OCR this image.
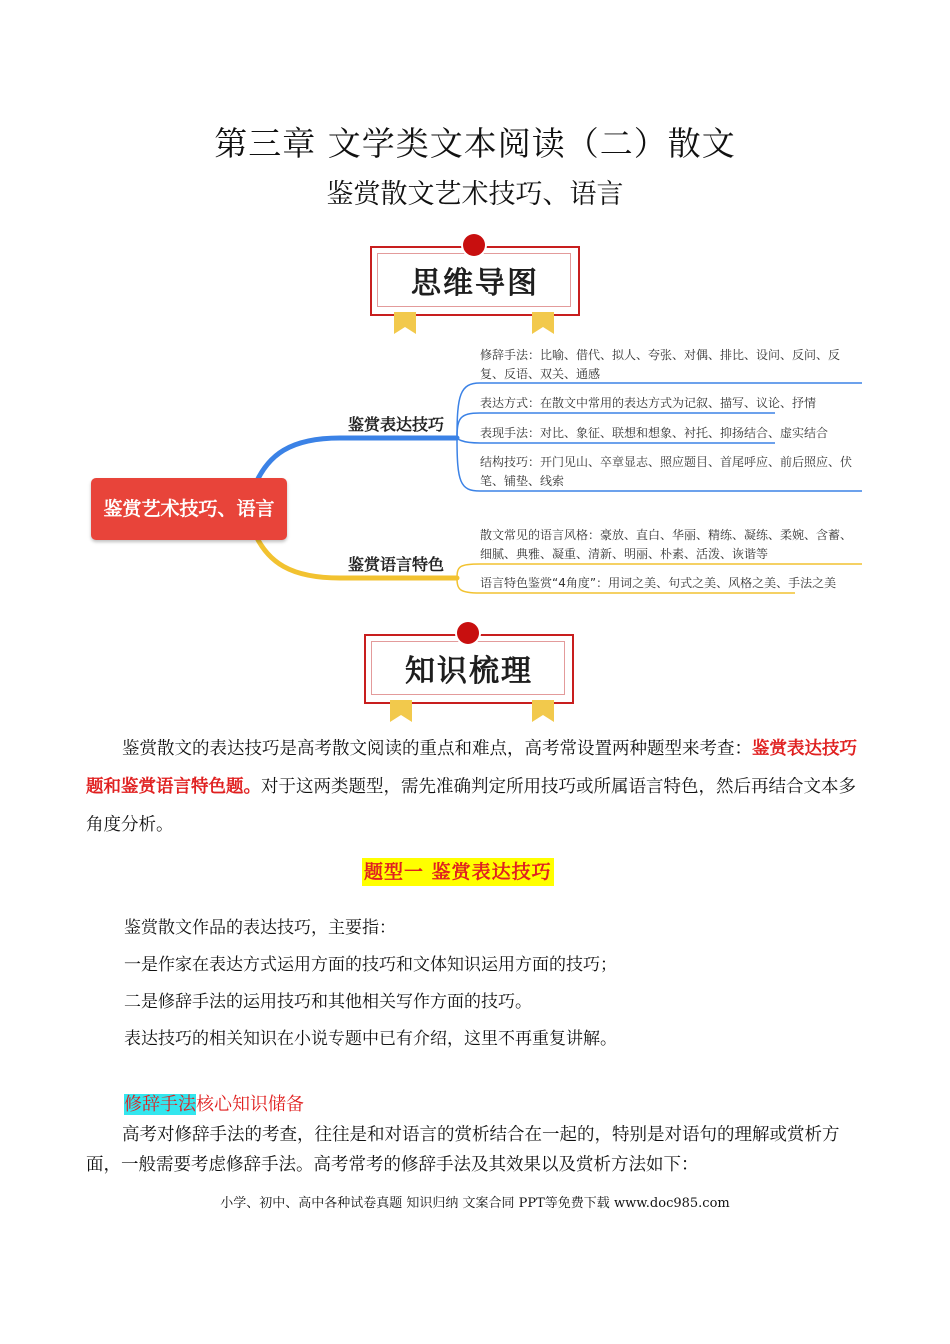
第三章 文学类文本阅读（二）散文
鉴赏散文艺术技巧、语言
思维导图
鉴赏艺术技巧、语言
鉴赏表达技巧
鉴赏语言特色
修辞手法：比喻、借代、拟人、夸张、对偶、排比、设问、反问、反复、反语、双关、通感
表达方式：在散文中常用的表达方式为记叙、描写、议论、抒情
表现手法：对比、象征、联想和想象、衬托、抑扬结合、虚实结合
结构技巧：开门见山、卒章显志、照应题目、首尾呼应、前后照应、伏笔、铺垫、线索
散文常见的语言风格：豪放、直白、华丽、精练、凝练、柔婉、含蓄、细腻、典雅、凝重、清新、明丽、朴素、活泼、诙谐等
语言特色鉴赏“4角度”：用词之美、句式之美、风格之美、手法之美
知识梳理
鉴赏散文的表达技巧是高考散文阅读的重点和难点，高考常设置两种题型来考查：鉴赏表达技巧题和鉴赏语言特色题。对于这两类题型，需先准确判定所用技巧或所属语言特色，然后再结合文本多角度分析。
题型一 鉴赏表达技巧
鉴赏散文作品的表达技巧，主要指：
一是作家在表达方式运用方面的技巧和文体知识运用方面的技巧；
二是修辞手法的运用技巧和其他相关写作方面的技巧。
表达技巧的相关知识在小说专题中已有介绍，这里不再重复讲解。
修辞手法核心知识储备
高考对修辞手法的考查，往往是和对语言的赏析结合在一起的，特别是对语句的理解或赏析方面，一般需要考虑修辞手法。高考常考的修辞手法及其效果以及赏析方法如下：
小学、初中、高中各种试卷真题 知识归纳 文案合同 PPT等免费下载 www.doc985.com
